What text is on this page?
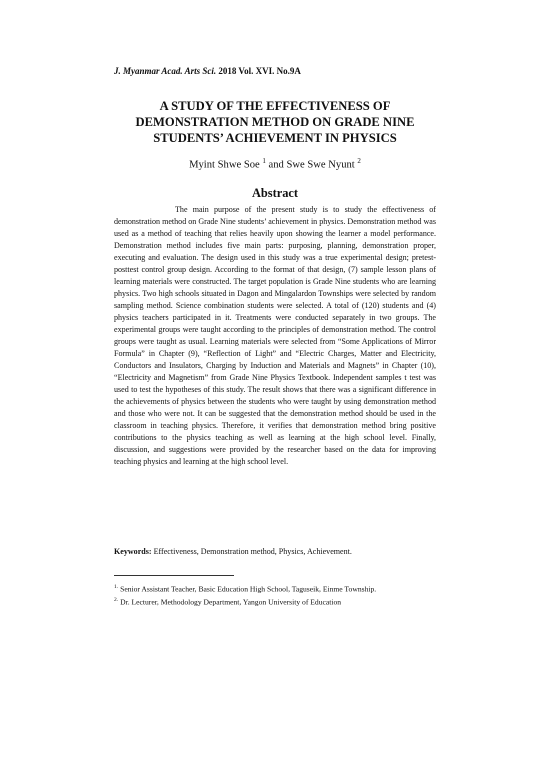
J. Myanmar Acad. Arts Sci. 2018 Vol. XVI. No.9A
A STUDY OF THE EFFECTIVENESS OF
DEMONSTRATION METHOD ON GRADE NINE
STUDENTS’ ACHIEVEMENT IN PHYSICS
Myint Shwe Soe $^1$ and Swe Swe Nyunt $^2$
Abstract

The main purpose of the present study is to study the effectiveness of demonstration method on Grade Nine students’ achievement in physics. Demonstration method was used as a method of teaching that relies heavily upon showing the learner a model performance. Demonstration method includes five main parts: purposing, planning, demonstration proper, executing and evaluation. The design used in this study was a true experimental design; pretest-posttest control group design. According to the format of that design, (7) sample lesson plans of learning materials were constructed. The target population is Grade Nine students who are learning physics. Two high schools situated in Dagon and Mingalardon Townships were selected by random sampling method. Science combination students were selected. A total of (120) students and (4) physics teachers participated in it. Treatments were conducted separately in two groups. The experimental groups were taught according to the principles of demonstration method. The control groups were taught as usual. Learning materials were selected from “Some Applications of Mirror Formula” in Chapter (9), “Reflection of Light” and “Electric Charges, Matter and Electricity, Conductors and Insulators, Charging by Induction and Materials and Magnets” in Chapter (10), “Electricity and Magnetism” from Grade Nine Physics Textbook. Independent samples t test was used to test the hypotheses of this study. The result shows that there was a significant difference in the achievements of physics between the students who were taught by using demonstration method and those who were not. It can be suggested that the demonstration method should be used in the classroom in teaching physics. Therefore, it verifies that demonstration method bring positive contributions to the physics teaching as well as learning at the high school level. Finally, discussion, and suggestions were provided by the researcher based on the data for improving teaching physics and learning at the high school level.

Keywords: Effectiveness, Demonstration method, Physics, Achievement.
$^{1.}$ Senior Assistant Teacher, Basic Education High School, Taguseik, Einme Township.
$^{2.}$ Dr. Lecturer, Methodology Department, Yangon University of Education
